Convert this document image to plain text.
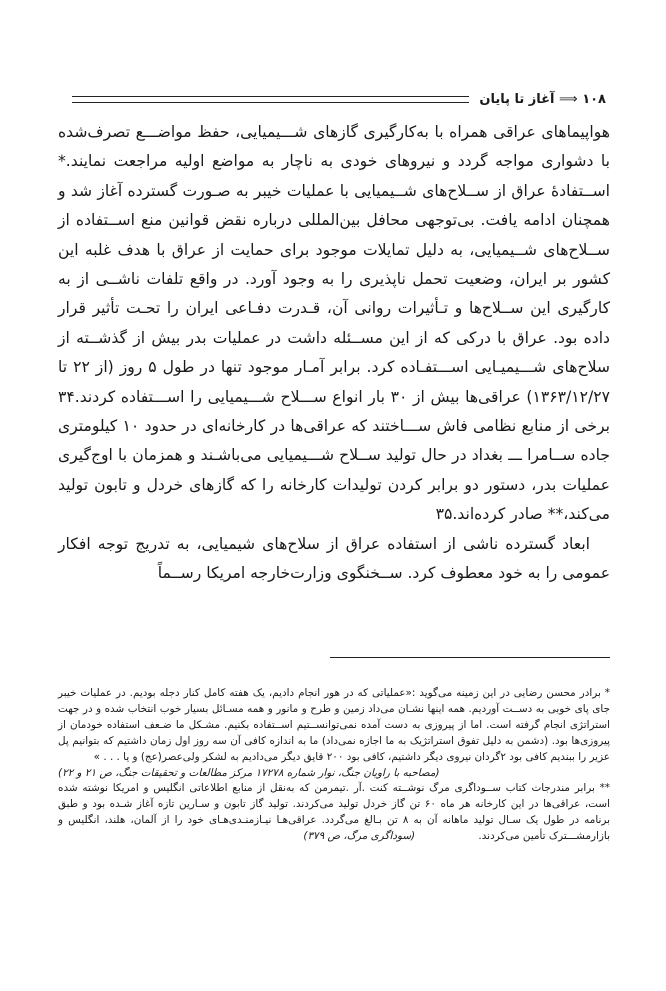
۱۰۸ ⟹ آغاز تا پایان

هواپیماهای عراقی همراه با به‌کارگیری گازهای شـــیمیایی، حفظ مواضـــع تصرف‌شده با دشواری مواجه گردد و نیروهای خودی به ناچار به مواضع اولیه مراجعت نمایند.* اســتفادهٔ عراق از ســلاح‌های شــیمیایی با عملیات خیبر به صـورت گسترده آغاز شد و همچنان ادامه یافت. بی‌توجهی محافل بین‌المللی درباره نقض قوانین منع اســتفاده از ســلاح‌های شــیمیایی، به دلیل تمایلات موجود برای حمایت از عراق با هدف غلبه این کشور بر ایران، وضعیت تحمل ناپذیری را به وجود آورد. در واقع تلفات ناشــی از به کارگیری این ســلاح‌ها و تـأثیرات روانی آن، قـدرت دفـاعی ایران را تحـت تأثیر قرار داده بود. عراق با درکی که از این مســئله داشت در عملیات بدر بیش از گذشــته از سلاح‌های شـــیمیـایی اســـتفـاده کرد. برابر آمـار موجود تنها در طول ۵ روز (از ۲۲ تا ۱۳۶۳/۱۲/۲۷) عراقی‌ها بیش از ۳۰ بار انواع ســـلاح شـــیمیایی را اســـتفاده کردند.۳۴ برخی از منابع نظامی فاش ســـاختند که عراقی‌ها در کارخانه‌ای در حدود ۱۰ کیلومتری جاده ســامرا ـــ بغداد در حال تولید ســلاح شـــیمیایی می‌باشـند و همزمان با اوج‌گیری عملیات بدر، دستور دو برابر کردن تولیدات کارخانه را که گازهای خردل و تابون تولید می‌کند،** صادر کرده‌اند.۳۵

ابعاد گسترده ناشی از استفاده عراق از سلاح‌های شیمیایی، به تدریج توجه افکار عمومی را به خود معطوف کرد. ســخنگوی وزارت‌خارجه امریکا رســماً

* برادر محسن رضایی در این زمینه می‌گوید :«عملیاتی که در هور انجام دادیم، یک هفته کامل کنار دجله بودیم. در عملیات خیبر جای پای خوبی به دســت آوردیم. همه اینها نشـان می‌داد زمین و طرح و مانور و همه مسـائل بسیار خوب انتخاب شده و در جهت استراتژی انجام گرفته است. اما از پیروزی به دست آمده نمی‌توانســتیم اســتفاده بکنیم. مشـکل ما ضـعف استفاده خودمان از پیروزی‌ها بود. (دشمن به دلیل تفوق استراتژیک به ما اجازه نمی‌داد) ما به اندازه کافی آن سه روز اول زمان داشتیم که بتوانیم پل عزیر را ببندیم کافی بود ۲گردان نیروی دیگر داشتیم، کافی بود ۲۰۰ قایق دیگر می‌دادیم به لشکر ولی‌عصر(عج) و یا . . . »

(مصاحبه با راویان جنگ، نوار شماره ۱۷۲۷۸ مرکز مطالعات و تحقیقات جنگ، ص ۲۱ و ۲۲)

** برابر مندرجات کتاب ســوداگری مرگ نوشــته کنت .آر .تیمرمن که به‌نقل از منابع اطلاعاتی انگلیس و امریکا نوشته شده است، عراقی‌ها در این کارخانه هر ماه ۶۰ تن گاز خردل تولید می‌کردند. تولید گاز تابون و سـارین تازه آغاز شـده بود و طبق برنامه در طول یک سـال تولید ماهانه آن به ۸ تن بـالغ می‌گردد. عراقی‌هـا نیـازمنـدی‌هـای خود را از آلمان، هلند، انگلیس و بازارمشـــترک تأمین می‌کردند. (سوداگری مرگ، ص ۳۷۹)
